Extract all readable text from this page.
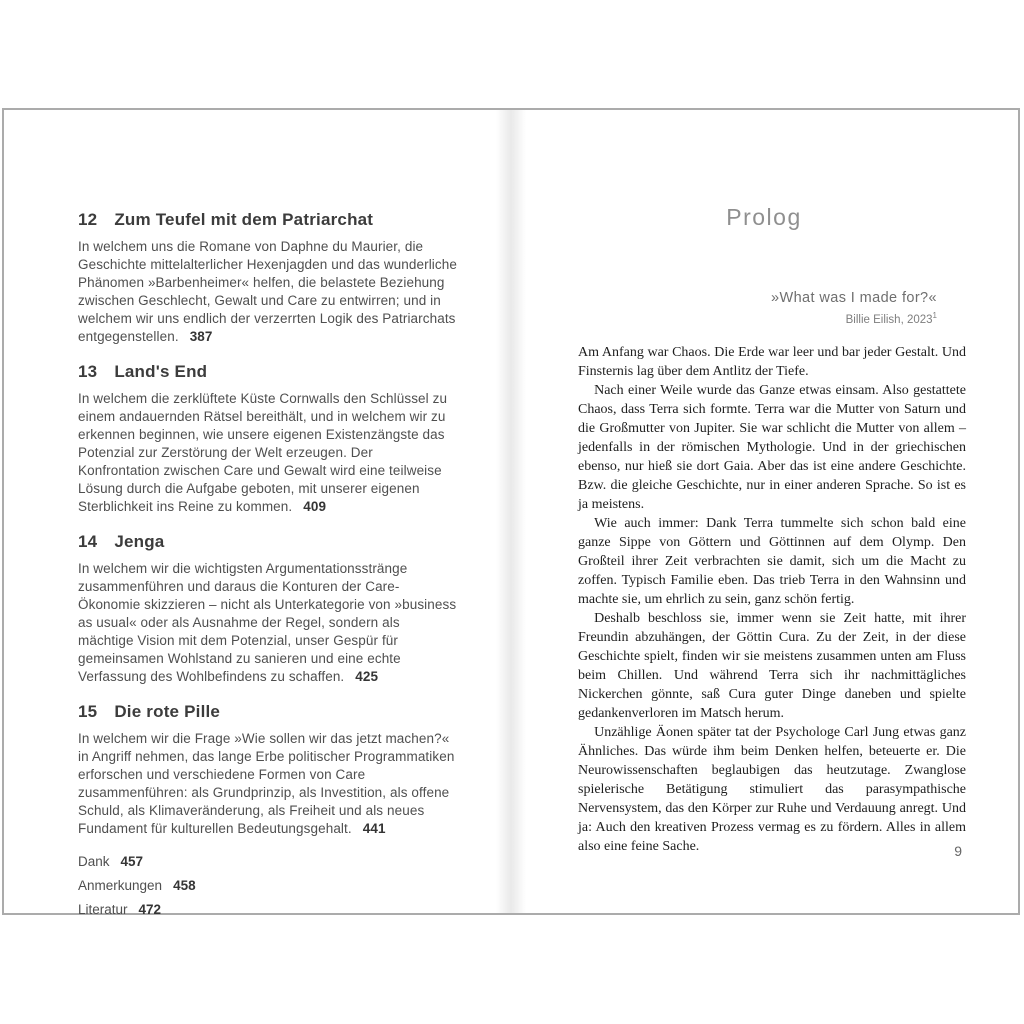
12 Zum Teufel mit dem Patriarchat

In welchem uns die Romane von Daphne du Maurier, die Geschichte mittelalterlicher Hexenjagden und das wunderliche Phänomen »Barbenheimer« helfen, die belastete Beziehung zwischen Geschlecht, Gewalt und Care zu entwirren; und in welchem wir uns endlich der verzerrten Logik des Patriarchats entgegenstellen. 387

13 Land's End

In welchem die zerklüftete Küste Cornwalls den Schlüssel zu einem andauernden Rätsel bereithält, und in welchem wir zu erkennen beginnen, wie unsere eigenen Existenzängste das Potenzial zur Zerstörung der Welt erzeugen. Der Konfrontation zwischen Care und Gewalt wird eine teilweise Lösung durch die Aufgabe geboten, mit unserer eigenen Sterblichkeit ins Reine zu kommen. 409

14 Jenga

In welchem wir die wichtigsten Argumentationsstränge zusammenführen und daraus die Konturen der Care-Ökonomie skizzieren – nicht als Unterkategorie von »business as usual« oder als Ausnahme der Regel, sondern als mächtige Vision mit dem Potenzial, unser Gespür für gemeinsamen Wohlstand zu sanieren und eine echte Verfassung des Wohlbefindens zu schaffen. 425

15 Die rote Pille

In welchem wir die Frage »Wie sollen wir das jetzt machen?« in Angriff nehmen, das lange Erbe politischer Programmatiken erforschen und verschiedene Formen von Care zusammenführen: als Grundprinzip, als Investition, als offene Schuld, als Klimaveränderung, als Freiheit und als neues Fundament für kulturellen Bedeutungsgehalt. 441

Dank 457
Anmerkungen 458
Literatur 472
Prolog
»What was I made for?«
Billie Eilish, 2023$^1$

Am Anfang war Chaos. Die Erde war leer und bar jeder Gestalt. Und Finsternis lag über dem Antlitz der Tiefe.

Nach einer Weile wurde das Ganze etwas einsam. Also gestattete Chaos, dass Terra sich formte. Terra war die Mutter von Saturn und die Großmutter von Jupiter. Sie war schlicht die Mutter von allem – jedenfalls in der römischen Mythologie. Und in der griechischen ebenso, nur hieß sie dort Gaia. Aber das ist eine andere Geschichte. Bzw. die gleiche Geschichte, nur in einer anderen Sprache. So ist es ja meistens.

Wie auch immer: Dank Terra tummelte sich schon bald eine ganze Sippe von Göttern und Göttinnen auf dem Olymp. Den Großteil ihrer Zeit verbrachten sie damit, sich um die Macht zu zoffen. Typisch Familie eben. Das trieb Terra in den Wahnsinn und machte sie, um ehrlich zu sein, ganz schön fertig.

Deshalb beschloss sie, immer wenn sie Zeit hatte, mit ihrer Freundin abzuhängen, der Göttin Cura. Zu der Zeit, in der diese Geschichte spielt, finden wir sie meistens zusammen unten am Fluss beim Chillen. Und während Terra sich ihr nachmittägliches Nickerchen gönnte, saß Cura guter Dinge daneben und spielte gedankenverloren im Matsch herum.

Unzählige Äonen später tat der Psychologe Carl Jung etwas ganz Ähnliches. Das würde ihm beim Denken helfen, beteuerte er. Die Neurowissenschaften beglaubigen das heutzutage. Zwanglose spielerische Betätigung stimuliert das parasympathische Nervensystem, das den Körper zur Ruhe und Verdauung anregt. Und ja: Auch den kreativen Prozess vermag es zu fördern. Alles in allem also eine feine Sache.	9
